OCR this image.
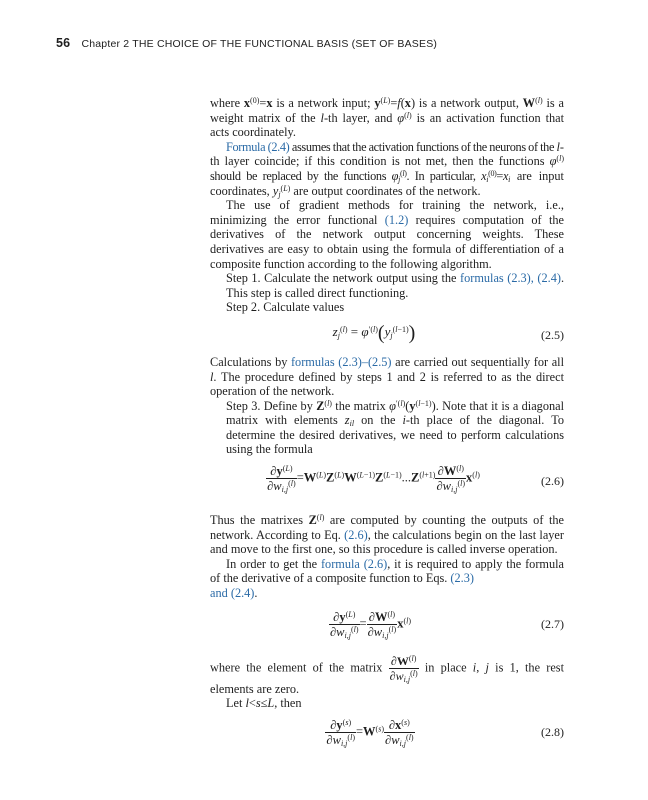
56 Chapter 2 THE CHOICE OF THE FUNCTIONAL BASIS (SET OF BASES)

where $x^{(0)}=x$ is a network input; $y^{(L)}=f(x)$ is a network output, $W^{(l)}$ is a weight matrix of the l-th layer, and $\varphi^{(l)}$ is an activation function that acts coordinately.

Formula (2.4) assumes that the activation functions of the neurons of the l-th layer coincide; if this condition is not met, then the functions $\varphi^{(l)}$ should be replaced by the functions $\varphi_j^{(l)}$. In particular, $x_i^{(0)}=x_i$ are input coordinates, $y_j^{(L)}$ are output coordinates of the network.

The use of gradient methods for training the network, i.e., minimizing the error functional (1.2) requires computation of the derivatives of the network output concerning weights. These derivatives are easy to obtain using the formula of differentiation of a composite function according to the following algorithm.

Step 1. Calculate the network output using the formulas (2.3), (2.4). This step is called direct functioning.

Step 2. Calculate values

$z_j^{(l)} = \varphi^{'(l)}(y_j^{(l-1)})$	(2.5)

Calculations by formulas (2.3)–(2.5) are carried out sequentially for all l. The procedure defined by steps 1 and 2 is referred to as the direct operation of the network.

Step 3. Define by $Z^{(l)}$ the matrix $\varphi^{'(l)}(y^{(l-1)})$. Note that it is a diagonal matrix with elements $z_{il}$ on the i-th place of the diagonal. To determine the desired derivatives, we need to perform calculations using the formula

$\frac{\partial y^{(L)}}{\partial w_{i,j}^{(l)}} =W^{(L)}Z^{(L)}W^{(L-1)}Z^{(L-1)}...Z^{(l+1)} \frac{\partial W^{(l)}}{\partial w_{i,j}^{(l)}} x^{(l)}$	(2.6)

Thus the matrixes $Z^{(l)}$ are computed by counting the outputs of the network. According to Eq. (2.6), the calculations begin on the last layer and move to the first one, so this procedure is called inverse operation.

In order to get the formula (2.6), it is required to apply the formula of the derivative of a composite function to Eqs. (2.3)
and (2.4).

$\frac{\partial y^{(L)}}{\partial w_{i,j}^{(l)}} = \frac{\partial W^{(l)}}{\partial w_{i,j}^{(l)}} x^{(l)}$	(2.7)

where the element of the matrix $\frac{\partial W^{(l)}}{\partial w_{i,j}^{(l)}}$ in place i, j is 1, the rest elements are zero.

Let l<s≤L, then

$\frac{\partial y^{(s)}}{\partial w_{i,j}^{(l)}} =W^{(s)} \frac{\partial x^{(s)}}{\partial w_{i,j}^{(l)}}$	(2.8)
